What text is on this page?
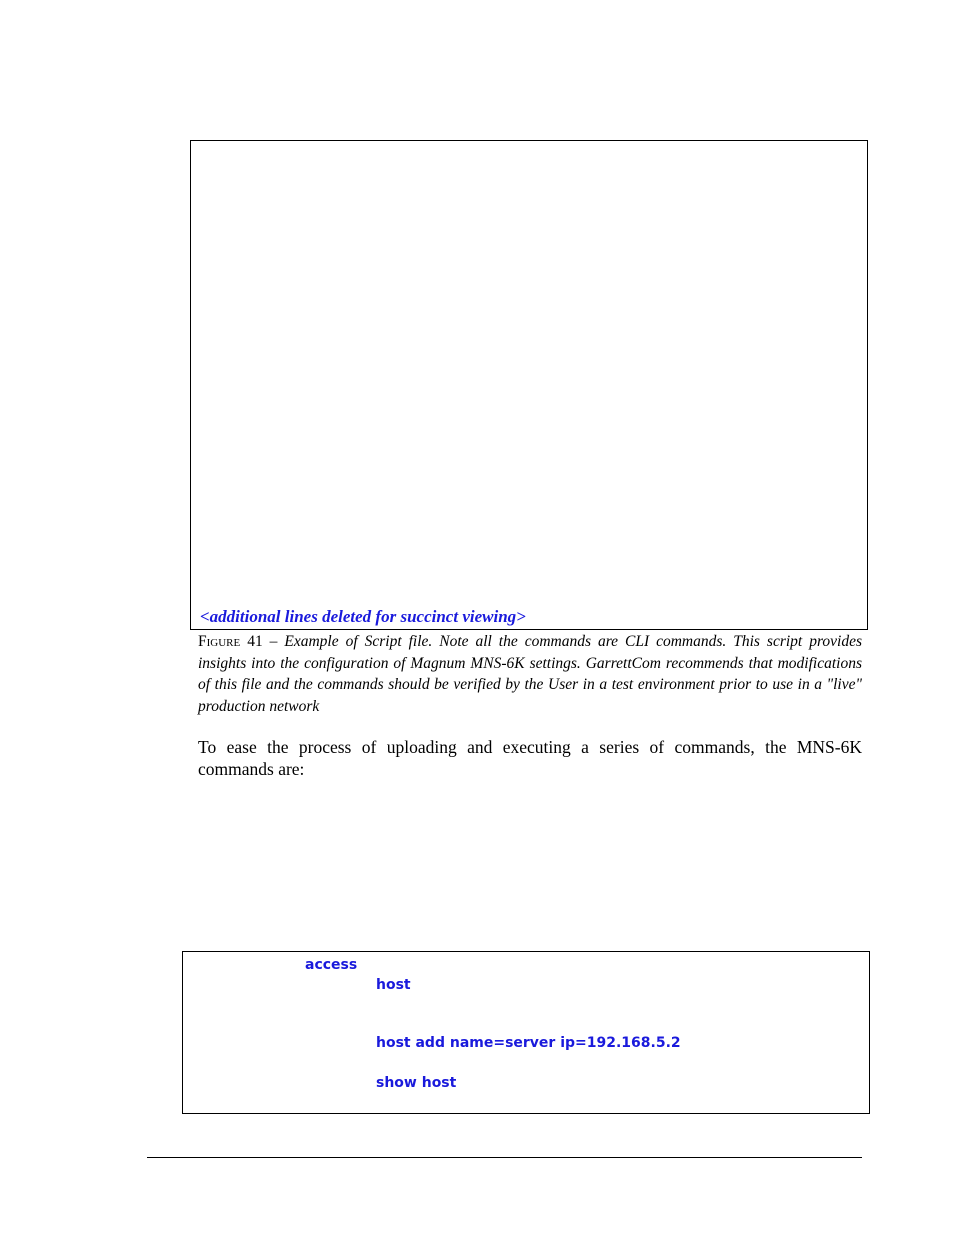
<additional lines deleted for succinct viewing>
Figure 41 – Example of Script file. Note all the commands are CLI commands. This script provides insights into the configuration of Magnum MNS-6K settings. GarrettCom recommends that modifications of this file and the commands should be verified by the User in a test environment prior to use in a "live" production network
To ease the process of uploading and executing a series of commands, the MNS-6K commands are:
access
host
host add name=server ip=192.168.5.2
show host
